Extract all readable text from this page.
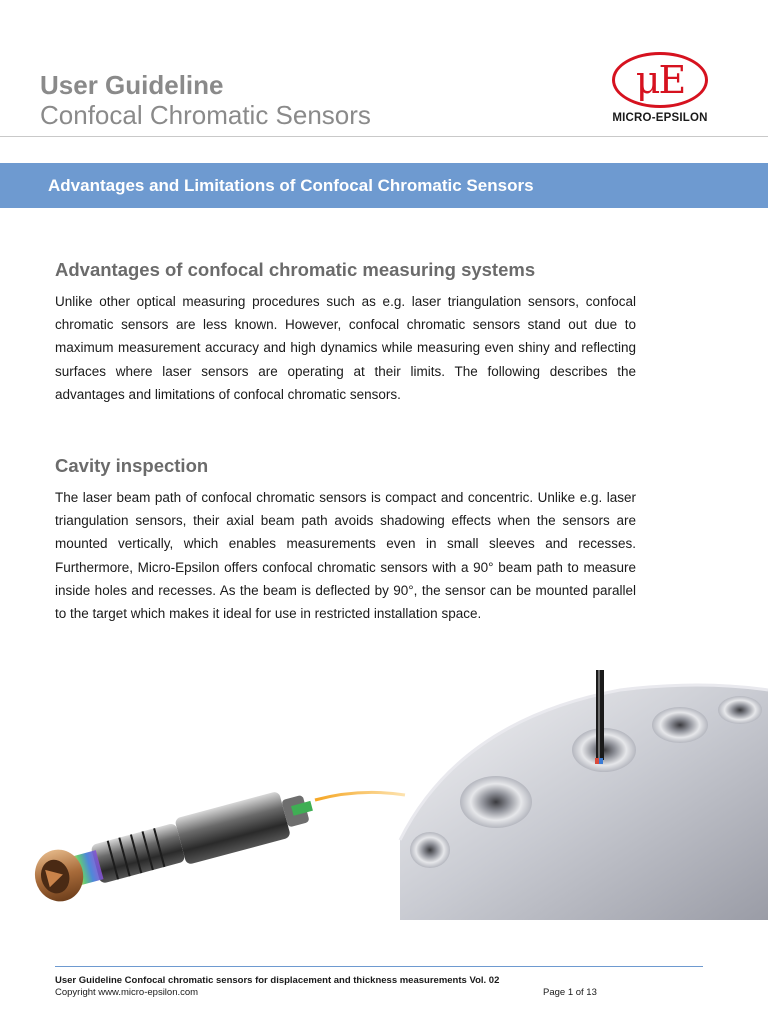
User Guideline
Confocal Chromatic Sensors
μE
MICRO-EPSILON
Advantages and Limitations of Confocal Chromatic Sensors
Advantages of confocal chromatic measuring systems

Unlike other optical measuring procedures such as e.g. laser triangulation sensors, confocal chromatic sensors are less known. However, confocal chromatic sensors stand out due to maximum measurement accuracy and high dynamics while measuring even shiny and reflecting surfaces where laser sensors are operating at their limits. The following describes the advantages and limitations of confocal chromatic sensors.

Cavity inspection

The laser beam path of confocal chromatic sensors is compact and concentric. Unlike e.g. laser triangulation sensors, their axial beam path avoids shadowing effects when the sensors are mounted vertically, which enables measurements even in small sleeves and recesses. Furthermore, Micro-Epsilon offers confocal chromatic sensors with a 90° beam path to measure inside holes and recesses. As the beam is deflected by 90°, the sensor can be mounted parallel to the target which makes it ideal for use in restricted installation space.

User Guideline Confocal chromatic sensors for displacement and thickness measurements Vol. 02
Copyright www.micro-epsilon.com	Page 1 of 13
